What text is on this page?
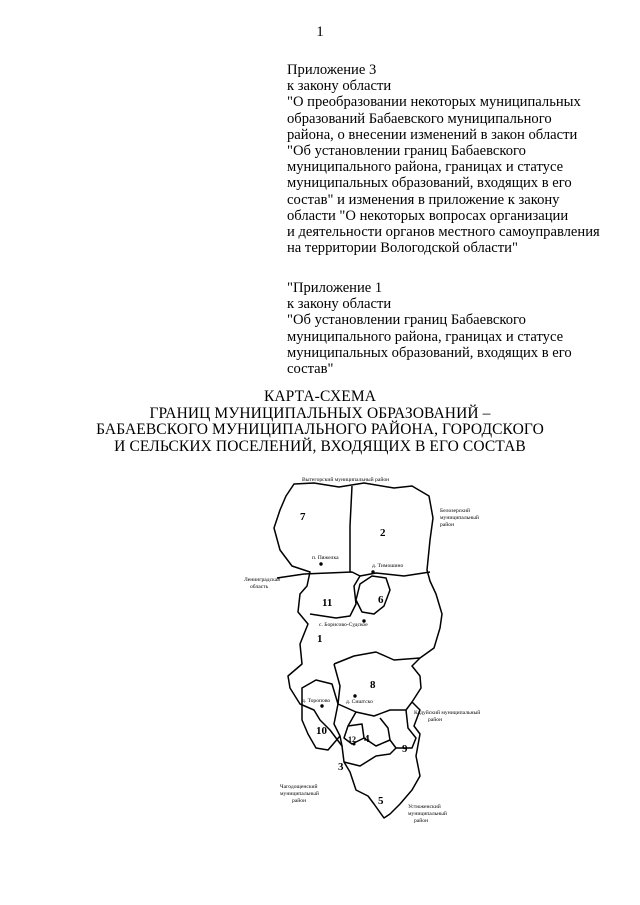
1
Приложение 3
к закону области
"О преобразовании некоторых муниципальных
образований Бабаевского муниципального
района, о внесении изменений в закон области
"Об установлении границ Бабаевского
муниципального района, границах и статусе
муниципальных образований, входящих в его
состав" и изменения в приложение к закону
области "О некоторых вопросах организации
и деятельности органов местного самоуправления
на территории Вологодской области"
"Приложение 1
к закону области
"Об установлении границ Бабаевского
муниципального района, границах и статусе
муниципальных образований, входящих в его
состав"
КАРТА-СХЕМА
ГРАНИЦ МУНИЦИПАЛЬНЫХ ОБРАЗОВАНИЙ –
БАБАЕВСКОГО МУНИЦИПАЛЬНОГО РАЙОНА, ГОРОДСКОГО
И СЕЛЬСКИХ ПОСЕЛЕНИЙ, ВХОДЯЩИХ В ЕГО СОСТАВ
Вытегорский муниципальный район
Белозерский
муниципальный
район
Ленинградская
область
Кадуйский муниципальный
район
Чагодощенский
муниципальный
район
Устюженский
муниципальный
район
п. Пяжелка
д. Тимошино
с. Борисово-Судское
д. Сиштско
д. Торопово
7
2
11	6
1
8
10
4
9
3
5
12
